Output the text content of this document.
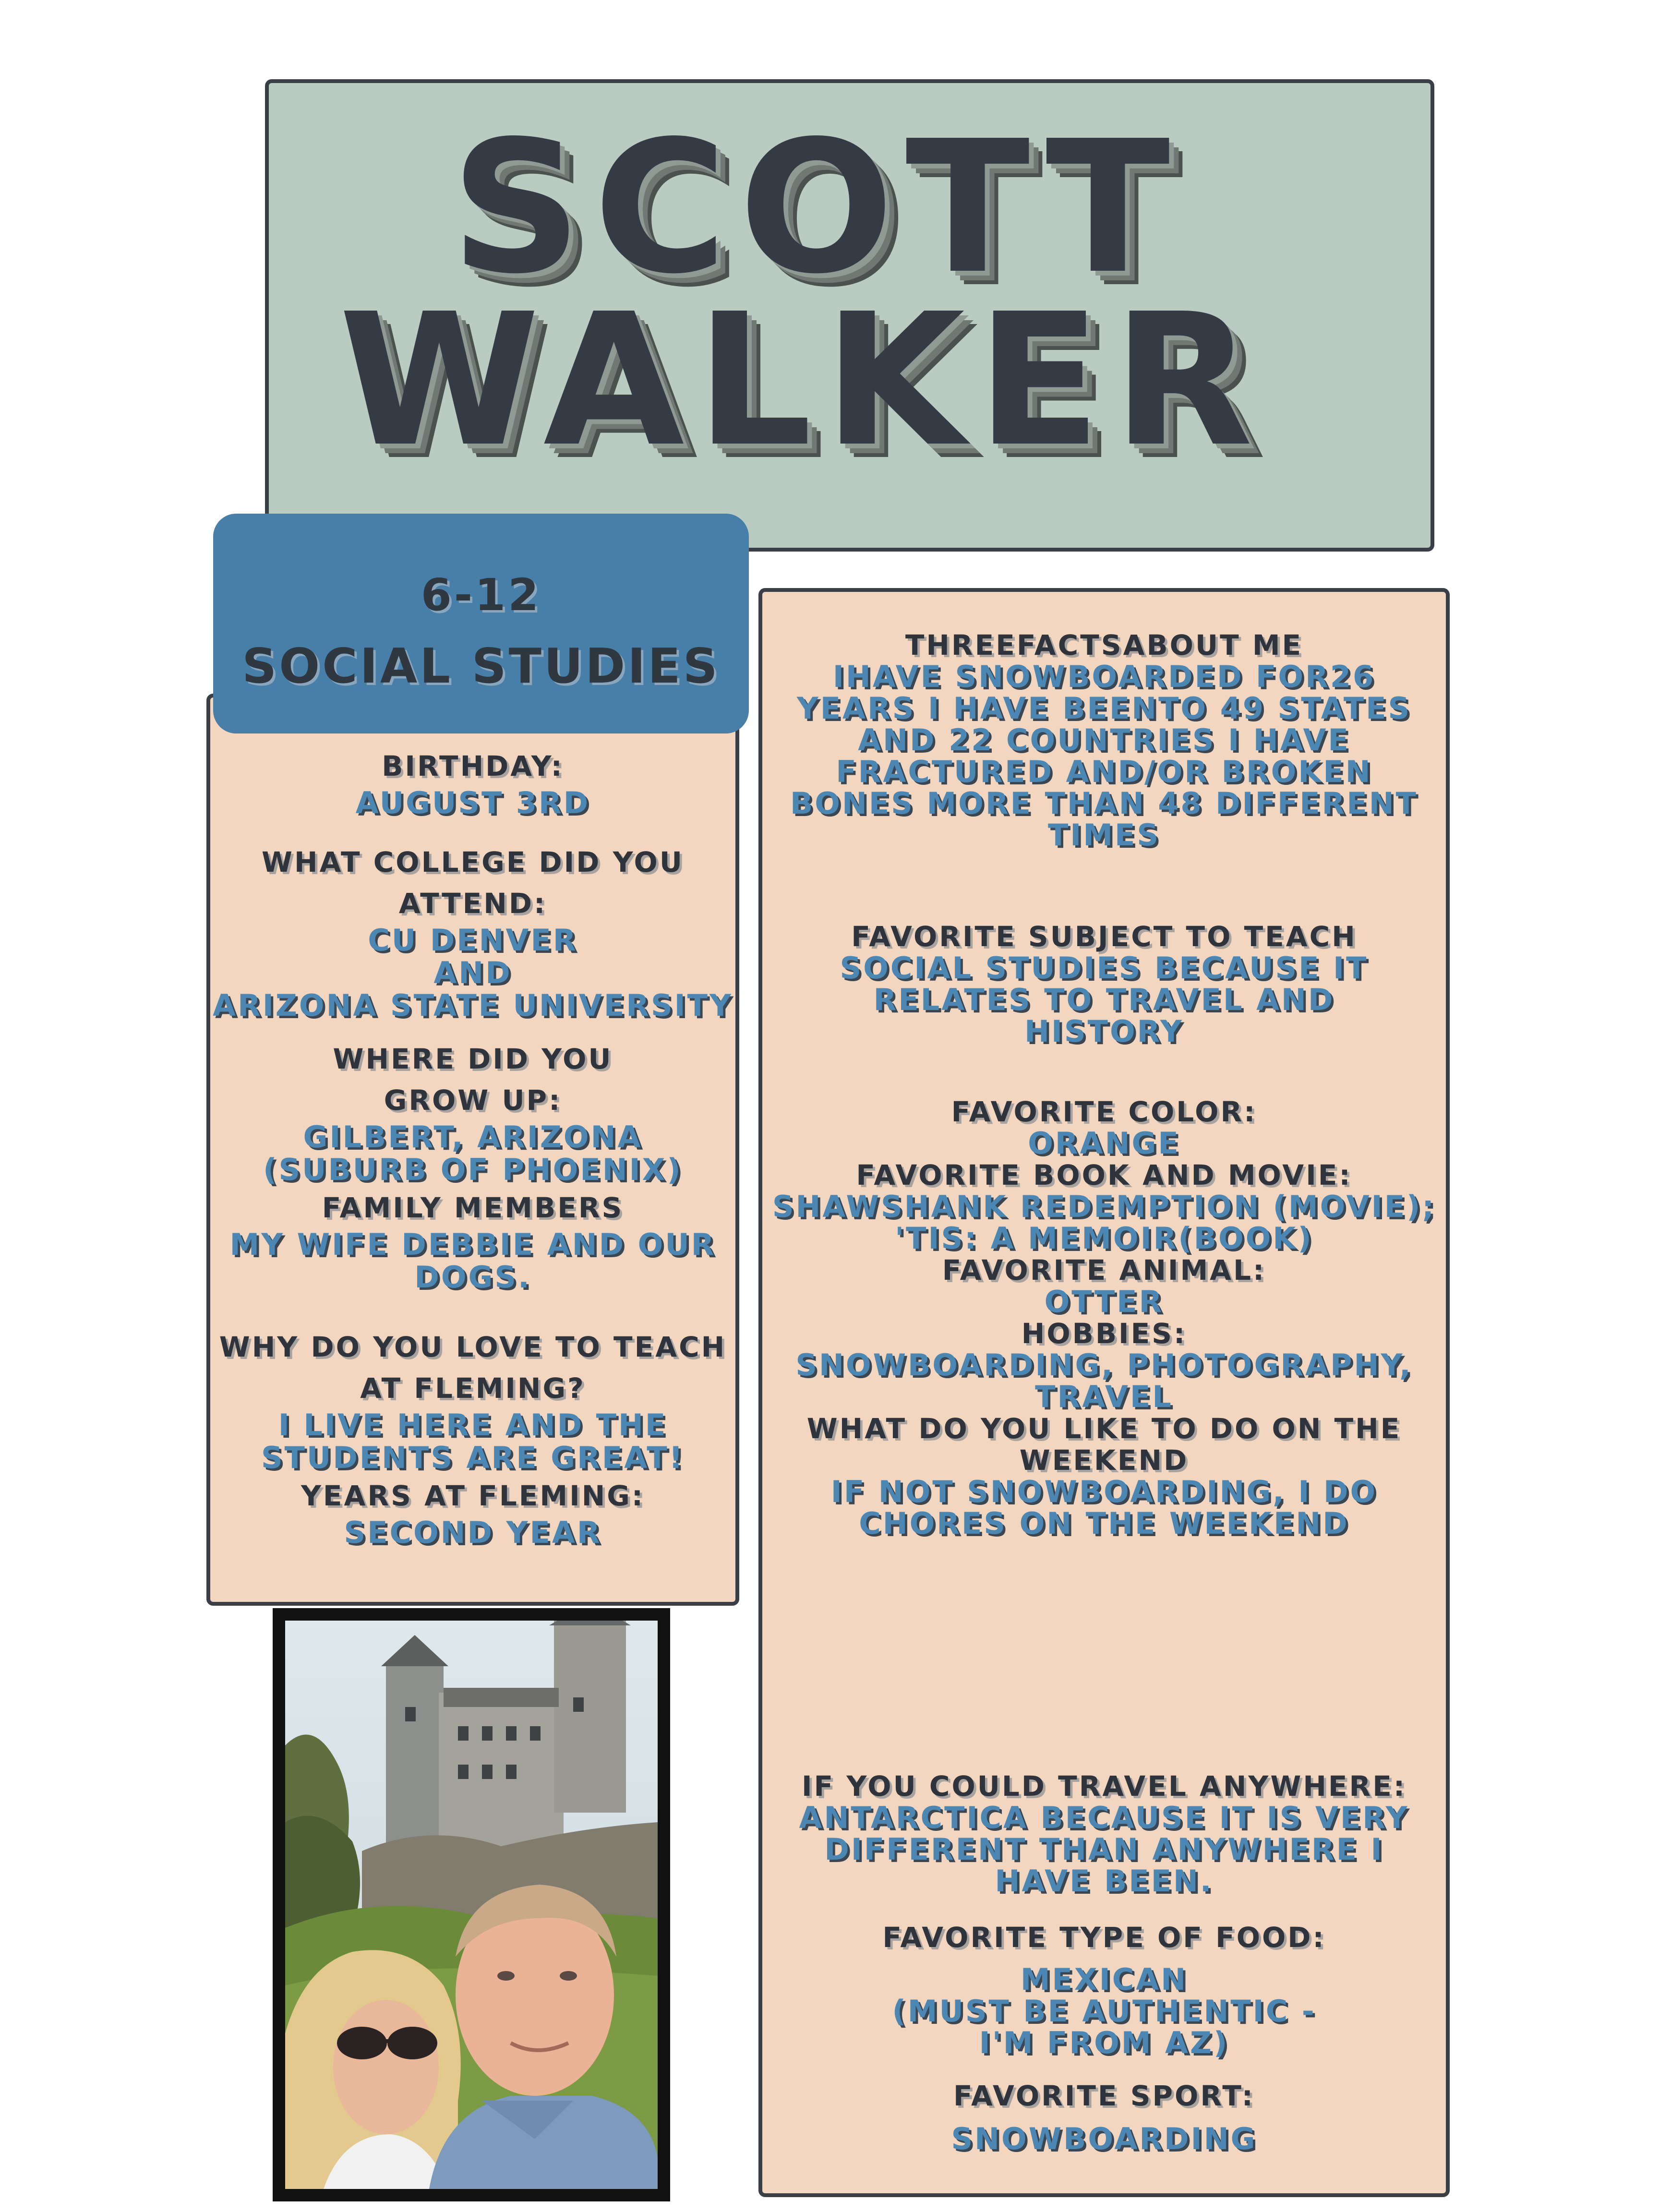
SCOTT
WALKER
6-12
SOCIAL STUDIES
BIRTHDAY:
AUGUST 3RD
WHAT COLLEGE DID YOU
ATTEND:
CU DENVER
AND
ARIZONA STATE UNIVERSITY
WHERE DID YOU
GROW UP:
GILBERT, ARIZONA
(SUBURB OF PHOENIX)
FAMILY MEMBERS
MY WIFE DEBBIE AND OUR
DOGS.
WHY DO YOU LOVE TO TEACH
AT FLEMING?
I LIVE HERE AND THE
STUDENTS ARE GREAT!
YEARS AT FLEMING:
SECOND YEAR
THREEFACTSABOUT ME
IHAVE SNOWBOARDED FOR26
YEARS I HAVE BEENTO 49 STATES
AND 22 COUNTRIES I HAVE
FRACTURED AND/OR BROKEN
BONES MORE THAN 48 DIFFERENT
TIMES
FAVORITE SUBJECT TO TEACH
SOCIAL STUDIES BECAUSE IT
RELATES TO TRAVEL AND
HISTORY
FAVORITE COLOR:
ORANGE
FAVORITE BOOK AND MOVIE:
SHAWSHANK REDEMPTION (MOVIE);
'TIS: A MEMOIR(BOOK)
FAVORITE ANIMAL:
OTTER
HOBBIES:
SNOWBOARDING, PHOTOGRAPHY,
TRAVEL
WHAT DO YOU LIKE TO DO ON THE
WEEKEND
IF NOT SNOWBOARDING, I DO
CHORES ON THE WEEKEND
IF YOU COULD TRAVEL ANYWHERE:
ANTARCTICA BECAUSE IT IS VERY
DIFFERENT THAN ANYWHERE I
HAVE BEEN.
FAVORITE TYPE OF FOOD:
MEXICAN
(MUST BE AUTHENTIC -
I'M FROM AZ)
FAVORITE SPORT:
SNOWBOARDING
